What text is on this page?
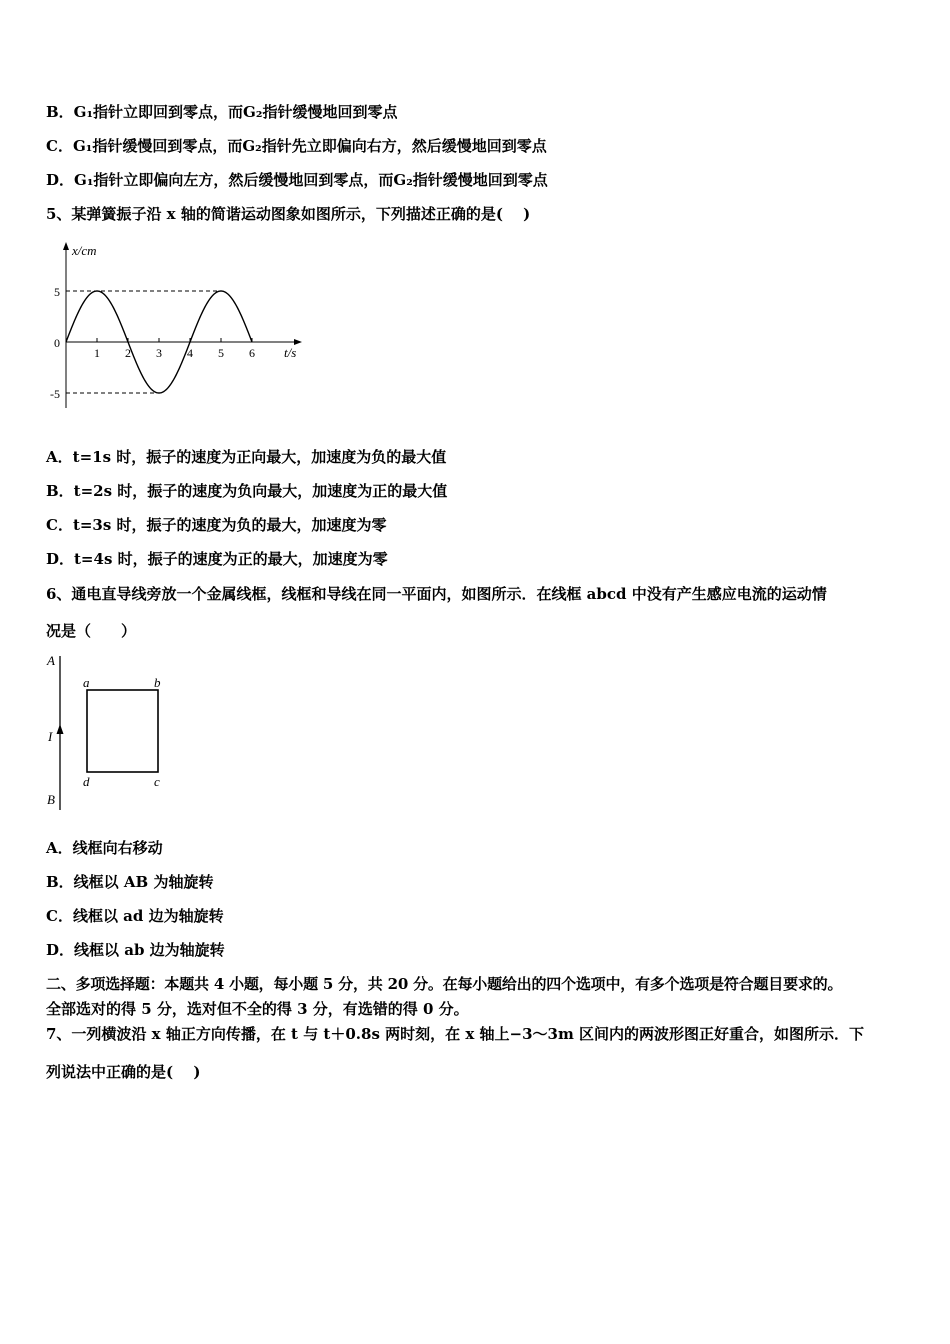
B．G₁指针立即回到零点，而G₂指针缓慢地回到零点
C．G₁指针缓慢回到零点，而G₂指针先立即偏向右方，然后缓慢地回到零点
D．G₁指针立即偏向左方，然后缓慢地回到零点，而G₂指针缓慢地回到零点
5、某弹簧振子沿 x 轴的简谐运动图象如图所示，下列描述正确的是(　 )
1 2 3 4 5 6
5
0
-5
x/cm
t/s
A．t=1s 时，振子的速度为正向最大，加速度为负的最大值
B．t=2s 时，振子的速度为负向最大，加速度为正的最大值
C．t=3s 时，振子的速度为负的最大，加速度为零
D．t=4s 时，振子的速度为正的最大，加速度为零
6、通电直导线旁放一个金属线框，线框和导线在同一平面内，如图所示．在线框 abcd 中没有产生感应电流的运动情
况是（　　）
A
I
B
a	b
d	c
A．线框向右移动
B．线框以 AB 为轴旋转
C．线框以 ad 边为轴旋转
D．线框以 ab 边为轴旋转
二、多项选择题：本题共 4 小题，每小题 5 分，共 20 分。在每小题给出的四个选项中，有多个选项是符合题目要求的。
全部选对的得 5 分，选对但不全的得 3 分，有选错的得 0 分。
7、一列横波沿 x 轴正方向传播，在 t 与 t＋0.8s 两时刻，在 x 轴上−3～3m 区间内的两波形图正好重合，如图所示．下
列说法中正确的是(　 )
